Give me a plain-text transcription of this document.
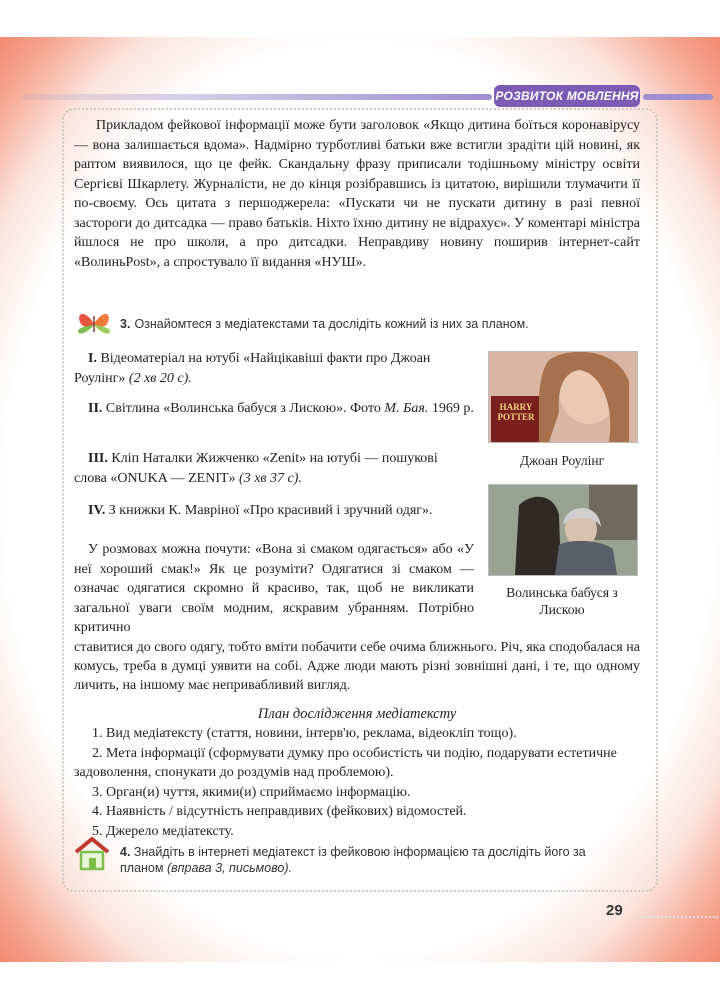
РОЗВИТОК МОВЛЕННЯ

Прикладом фейкової інформації може бути заголовок «Якщо дитина боїться коронавірусу — вона залишається вдома». Надмірно турботливі батьки вже встигли зрадіти цій новині, як раптом виявилося, що це фейк. Скандальну фразу приписали тодішньому міністру освіти Сергієві Шкарлету. Журналісти, не до кінця розібравшись із цитатою, вирішили тлумачити її по-своєму. Ось цитата з першоджерела: «Пускати чи не пускати дитину в разі певної застороги до дитсадка — право батьків. Ніхто їхню дитину не відрахує». У коментарі міністра йшлося не про школи, а про дитсадки. Неправдиву новину поширив інтернет-сайт «ВолиньPost», а спростувало її видання «НУШ».

3. Ознайомтеся з медіатекстами та дослідіть кожний із них за планом.

I. Відеоматеріал на ютубі «Найцікавіші факти про Джоан Роулінг» (2 хв 20 с).

II. Світлина «Волинська бабуся з Лискою». Фото М. Бая. 1969 р.

III. Кліп Наталки Жижченко «Zenit» на ютубі — пошукові слова «ONUKA — ZENIT» (3 хв 37 с).

IV. З книжки К. Мавріної «Про красивий і зручний одяг».

У розмовах можна почути: «Вона зі смаком одягається» або «У неї хороший смак!» Як це розуміти? Одягатися зі смаком — означає одягатися скромно й красиво, так, щоб не викликати загальної уваги своїм модним, яскравим убранням. Потрібно критично

HARRY POTTER
Джоан Роулінг
Волинська бабуся з Лискою

ставитися до свого одягу, тобто вміти побачити себе очима ближнього. Річ, яка сподобалася на комусь, треба в думці уявити на собі. Адже люди мають різні зовнішні дані, і те, що одному личить, на іншому має непривабливий вигляд.

План дослідження медіатексту
1. Вид медіатексту (стаття, новини, інтерв'ю, реклама, відеокліп тощо).
2. Мета інформації (сформувати думку про особистість чи подію, подарувати естетичне задоволення, спонукати до роздумів над проблемою).
3. Орган(и) чуття, якими(и) сприймаємо інформацію.
4. Наявність / відсутність неправдивих (фейкових) відомостей.
5. Джерело медіатексту.
4. Знайдіть в інтернеті медіатекст із фейковою інформацією та дослідіть його за планом (вправа 3, письмово).
29
